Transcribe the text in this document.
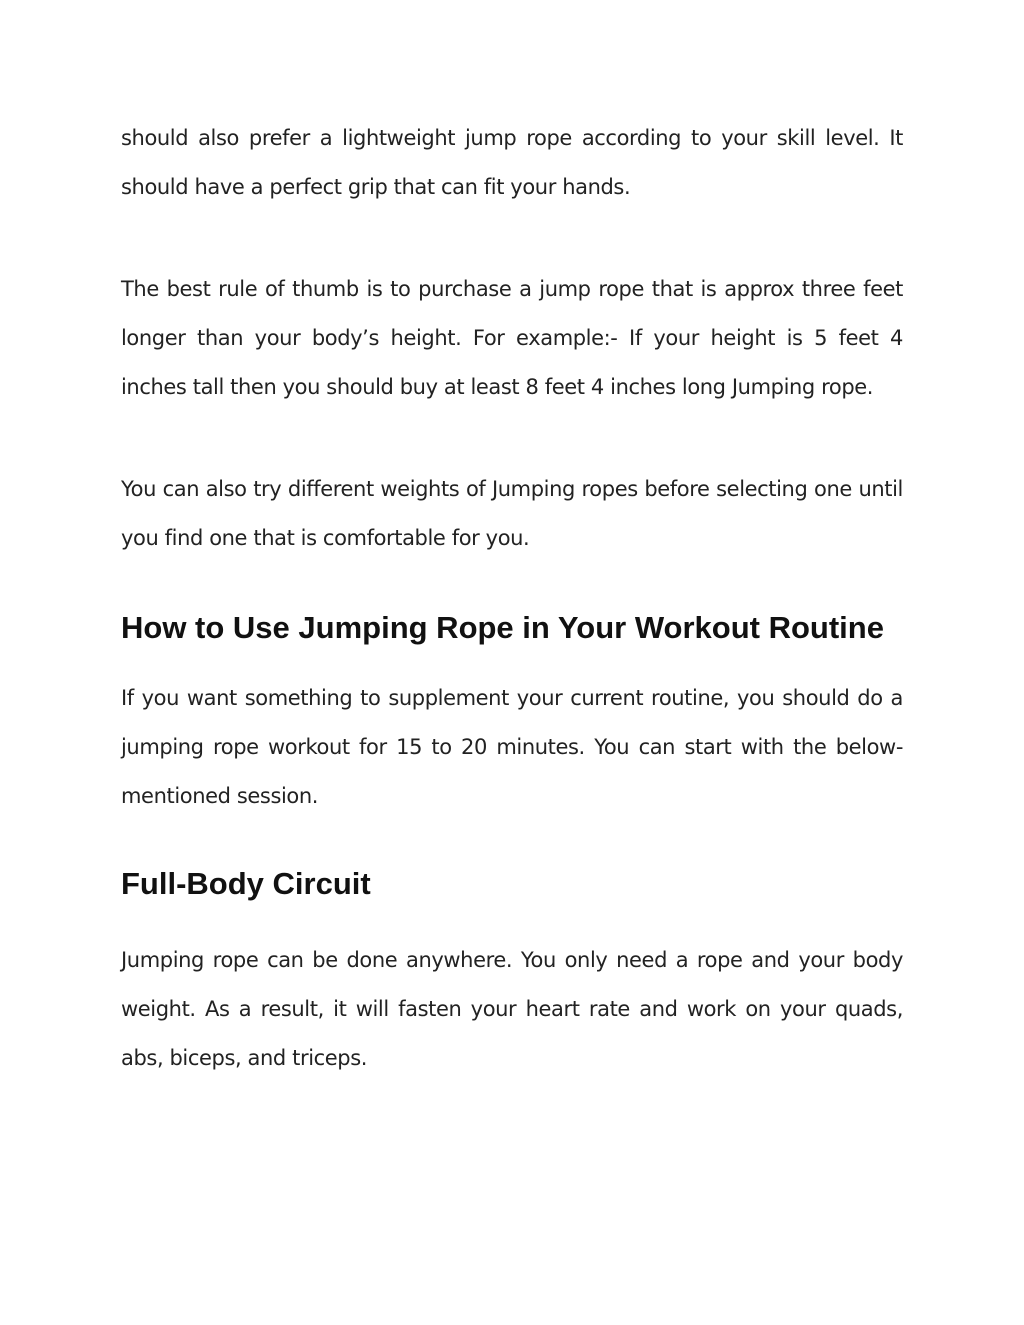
should also prefer a lightweight jump rope according to your skill level. It should have a perfect grip that can fit your hands.

The best rule of thumb is to purchase a jump rope that is approx three feet longer than your body’s height. For example:- If your height is 5 feet 4 inches tall then you should buy at least 8 feet 4 inches long Jumping rope.

You can also try different weights of Jumping ropes before selecting one until you find one that is comfortable for you.

How to Use Jumping Rope in Your Workout Routine

If you want something to supplement your current routine, you should do a jumping rope workout for 15 to 20 minutes. You can start with the below-mentioned session.

Full-Body Circuit

Jumping rope can be done anywhere. You only need a rope and your body weight. As a result, it will fasten your heart rate and work on your quads, abs, biceps, and triceps.
